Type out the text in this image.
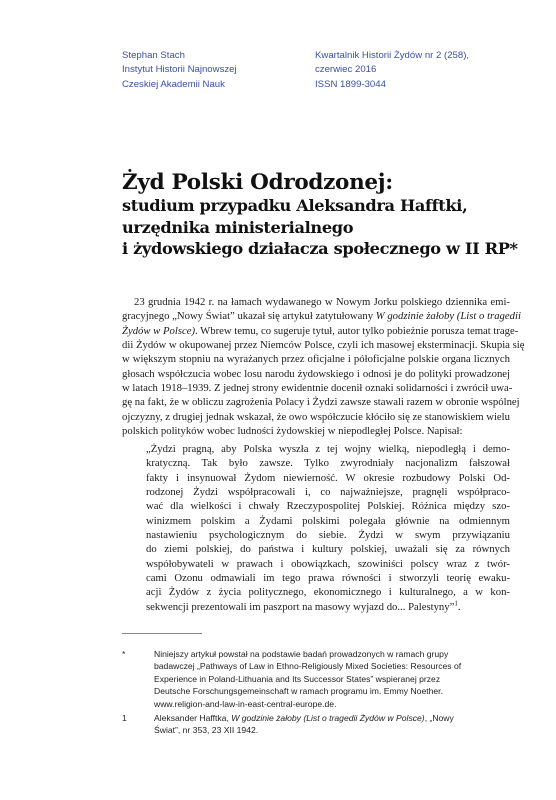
Stephan Stach
Instytut Historii Najnowszej
Czeskiej Akademii Nauk
Kwartalnik Historii Żydów nr 2 (258),
czerwiec 2016
ISSN 1899-3044
Żyd Polski Odrodzonej:
studium przypadku Aleksandra Hafftki,
urzędnika ministerialnego
i żydowskiego działacza społecznego w II RP*
23 grudnia 1942 r. na łamach wydawanego w Nowym Jorku polskiego dziennika emi-
gracyjnego „Nowy Świat” ukazał się artykuł zatytułowany W godzinie żałoby (List o tragedii
Żydów w Polsce). Wbrew temu, co sugeruje tytuł, autor tylko pobieżnie porusza temat trage-
dii Żydów w okupowanej przez Niemców Polsce, czyli ich masowej eksterminacji. Skupia się
w większym stopniu na wyrażanych przez oficjalne i półoficjalne polskie organa licznych
głosach współczucia wobec losu narodu żydowskiego i odnosi je do polityki prowadzonej
w latach 1918–1939. Z jednej strony ewidentnie docenił oznaki solidarności i zwrócił uwa-
gę na fakt, że w obliczu zagrożenia Polacy i Żydzi zawsze stawali razem w obronie wspólnej
ojczyzny, z drugiej jednak wskazał, że owo współczucie kłóciło się ze stanowiskiem wielu
polskich polityków wobec ludności żydowskiej w niepodległej Polsce. Napisał:
„Żydzi pragną, aby Polska wyszła z tej wojny wielką, niepodległą i demo-
kratyczną. Tak było zawsze. Tylko zwyrodniały nacjonalizm fałszował
fakty i insynuował Żydom niewierność. W okresie rozbudowy Polski Od-
rodzonej Żydzi współpracowali i, co najważniejsze, pragnęli współpraco-
wać dla wielkości i chwały Rzeczypospolitej Polskiej. Różnica między szo-
winizmem polskim a Żydami polskimi polegała głównie na odmiennym
nastawieniu psychologicznym do siebie. Żydzi w swym przywiązaniu
do ziemi polskiej, do państwa i kultury polskiej, uważali się za równych
współobywateli w prawach i obowiązkach, szowiniści polscy wraz z twór-
cami Ozonu odmawiali im tego prawa równości i stworzyli teorię ewaku-
acji Żydów z życia politycznego, ekonomicznego i kulturalnego, a w kon-
sekwencji prezentowali im paszport na masowy wyjazd do... Palestyny”$^1$.
*	Niniejszy artykuł powstał na podstawie badań prowadzonych w ramach grupy
badawczej „Pathways of Law in Ethno-Religiously Mixed Societies: Resources of
Experience in Poland-Lithuania and Its Successor States” wspieranej przez
Deutsche Forschungsgemeinschaft w ramach programu im. Emmy Noether.
www.religion-and-law-in-east-central-europe.de.
1	Aleksander Hafftka, W godzinie żałoby (List o tragedii Żydów w Polsce), „Nowy
Świat”, nr 353, 23 XII 1942.
